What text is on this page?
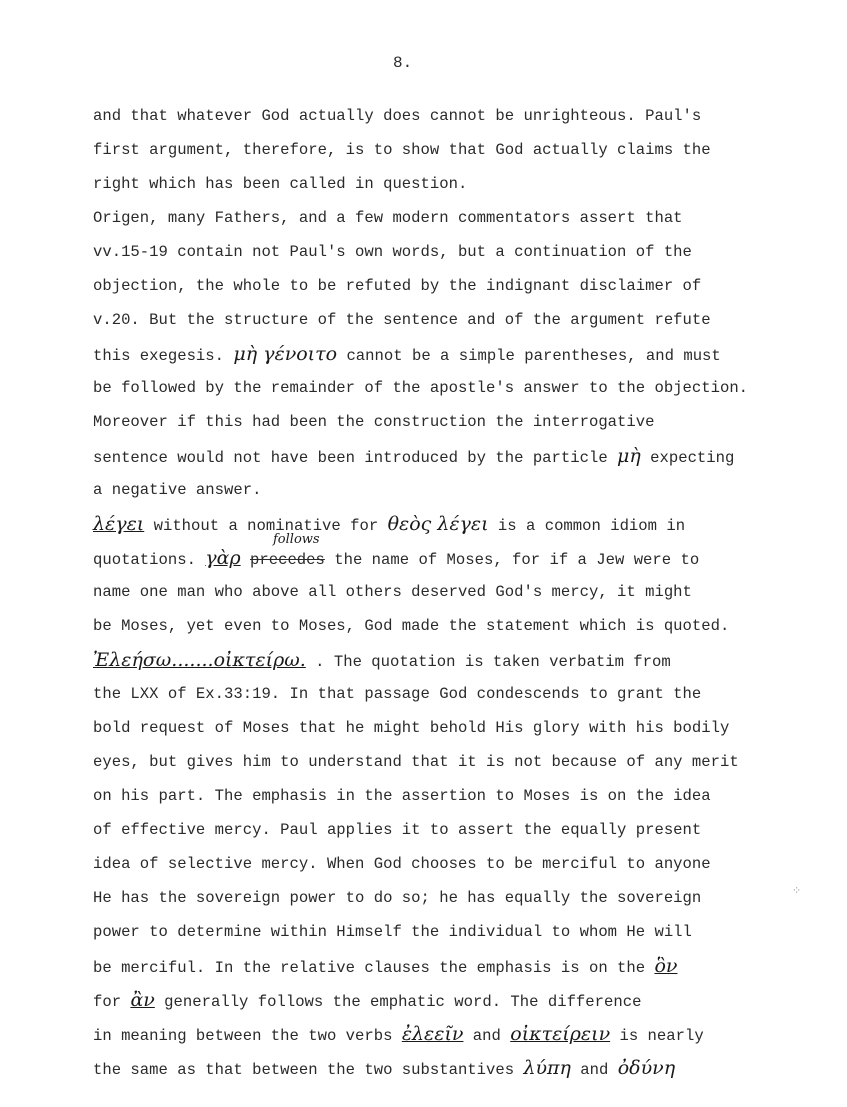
8.
and that whatever God actually does cannot be unrighteous. Paul's
first argument, therefore, is to show that God actually claims the
right which has been called in question.
Origen, many Fathers, and a few modern commentators assert that
vv.15-19 contain not Paul's own words, but a continuation of the
objection, the whole to be refuted by the indignant disclaimer of
v.20. But the structure of the sentence and of the argument refute
this exegesis. μὴ γένοιτο cannot be a simple parentheses, and must
be followed by the remainder of the apostle's answer to the objection.
Moreover if this had been the construction the interrogative
sentence would not have been introduced by the particle μὴ expecting
a negative answer.
λέγει without a nominative for θεὸς λέγει is a common idiom in
follows
quotations. γὰρ precedes the name of Moses, for if a Jew were to
name one man who above all others deserved God's mercy, it might
be Moses, yet even to Moses, God made the statement which is quoted.
Ἐλεήσω.......οἰκτείρω. . The quotation is taken verbatim from
the LXX of Ex.33:19. In that passage God condescends to grant the
bold request of Moses that he might behold His glory with his bodily
eyes, but gives him to understand that it is not because of any merit
on his part. The emphasis in the assertion to Moses is on the idea
of effective mercy. Paul applies it to assert the equally present
idea of selective mercy. When God chooses to be merciful to anyone
He has the sovereign power to do so; he has equally the sovereign
power to determine within Himself the individual to whom He will
be merciful. In the relative clauses the emphasis is on the ὃν
for ἂν generally follows the emphatic word. The difference
in meaning between the two verbs ἐλεεῖν and οἰκτείρειν is nearly
the same as that between the two substantives λύπη and ὀδύνη
⁘
